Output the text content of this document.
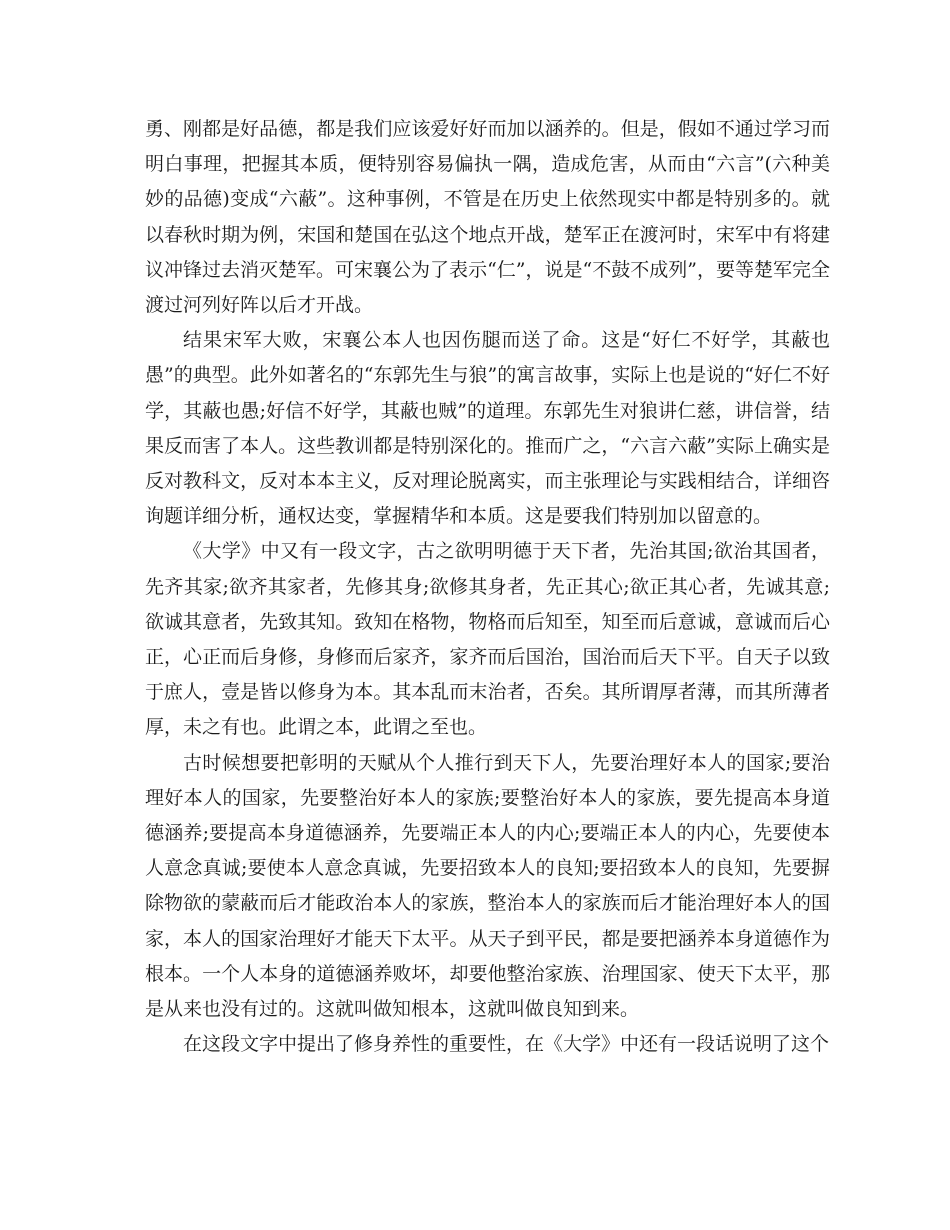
勇、刚都是好品德，都是我们应该爱好好而加以涵养的。但是，假如不通过学习而明白事理，把握其本质，便特别容易偏执一隅，造成危害，从而由“六言”(六种美妙的品德)变成“六蔽”。这种事例，不管是在历史上依然现实中都是特别多的。就以春秋时期为例，宋国和楚国在弘这个地点开战，楚军正在渡河时，宋军中有将建议冲锋过去消灭楚军。可宋襄公为了表示“仁”，说是“不鼓不成列”，要等楚军完全渡过河列好阵以后才开战。

结果宋军大败，宋襄公本人也因伤腿而送了命。这是“好仁不好学，其蔽也愚”的典型。此外如著名的“东郭先生与狼”的寓言故事，实际上也是说的“好仁不好学，其蔽也愚;好信不好学，其蔽也贼”的道理。东郭先生对狼讲仁慈，讲信誉，结果反而害了本人。这些教训都是特别深化的。推而广之，“六言六蔽”实际上确实是反对教科文，反对本本主义，反对理论脱离实，而主张理论与实践相结合，详细咨询题详细分析，通权达变，掌握精华和本质。这是要我们特别加以留意的。

《大学》中又有一段文字，古之欲明明德于天下者，先治其国;欲治其国者，先齐其家;欲齐其家者，先修其身;欲修其身者，先正其心;欲正其心者，先诚其意;欲诚其意者，先致其知。致知在格物，物格而后知至，知至而后意诚，意诚而后心正，心正而后身修，身修而后家齐，家齐而后国治，国治而后天下平。自天子以致于庶人，壹是皆以修身为本。其本乱而末治者，否矣。其所谓厚者薄，而其所薄者厚，未之有也。此谓之本，此谓之至也。

古时候想要把彰明的天赋从个人推行到天下人，先要治理好本人的国家;要治理好本人的国家，先要整治好本人的家族;要整治好本人的家族，要先提高本身道德涵养;要提高本身道德涵养，先要端正本人的内心;要端正本人的内心，先要使本人意念真诚;要使本人意念真诚，先要招致本人的良知;要招致本人的良知，先要摒除物欲的蒙蔽而后才能政治本人的家族，整治本人的家族而后才能治理好本人的国家，本人的国家治理好才能天下太平。从天子到平民，都是要把涵养本身道德作为根本。一个人本身的道德涵养败坏，却要他整治家族、治理国家、使天下太平，那是从来也没有过的。这就叫做知根本，这就叫做良知到来。

在这段文字中提出了修身养性的重要性，在《大学》中还有一段话说明了这个
